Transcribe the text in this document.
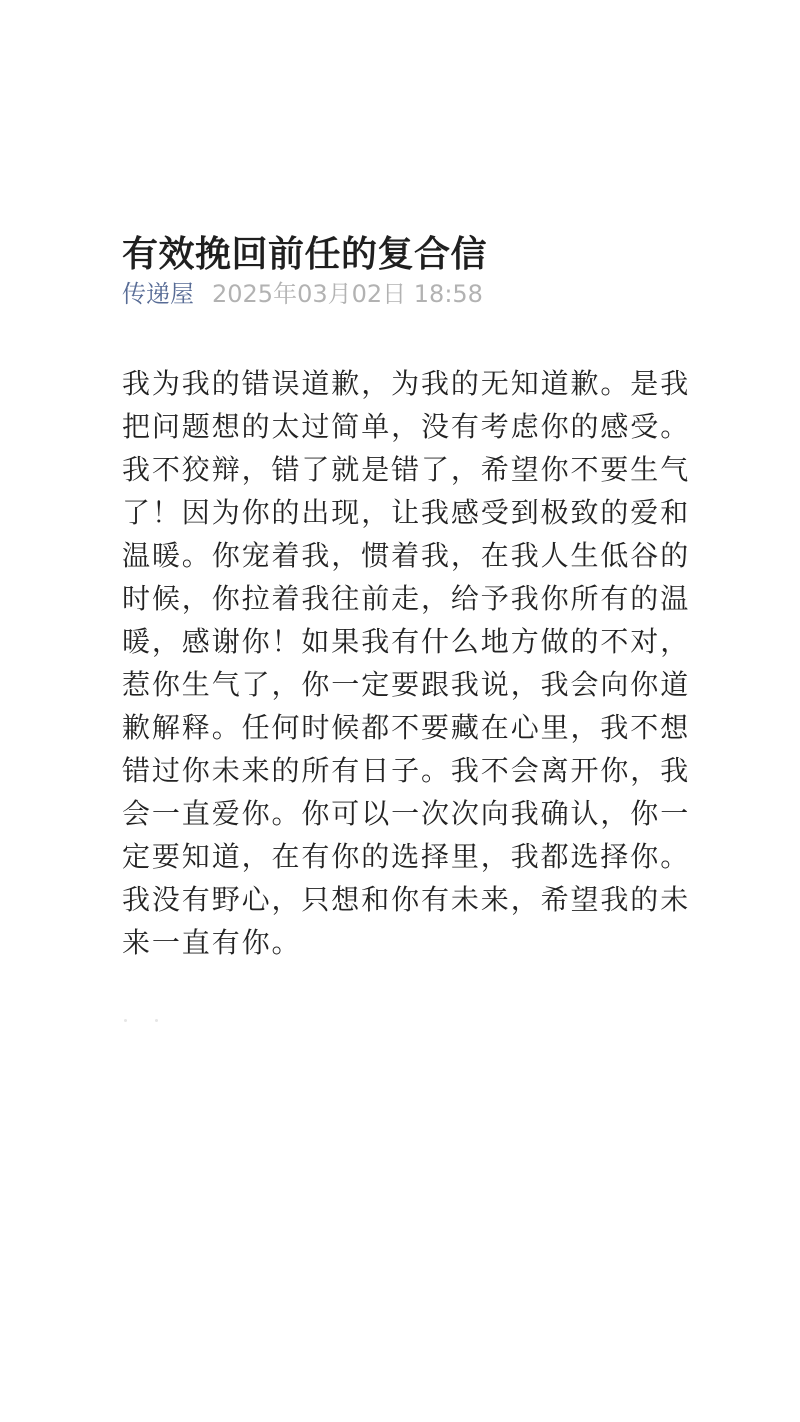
有效挽回前任的复合信
传递屋 2025年03月02日 18:58
我为我的错误道歉，为我的无知道歉。是我
把问题想的太过简单，没有考虑你的感受。
我不狡辩，错了就是错了，希望你不要生气
了！因为你的出现，让我感受到极致的爱和
温暖。你宠着我，惯着我，在我人生低谷的
时候，你拉着我往前走，给予我你所有的温
暖，感谢你！如果我有什么地方做的不对，
惹你生气了，你一定要跟我说，我会向你道
歉解释。任何时候都不要藏在心里，我不想
错过你未来的所有日子。我不会离开你，我
会一直爱你。你可以一次次向我确认，你一
定要知道，在有你的选择里，我都选择你。
我没有野心，只想和你有未来，希望我的未
来一直有你。
